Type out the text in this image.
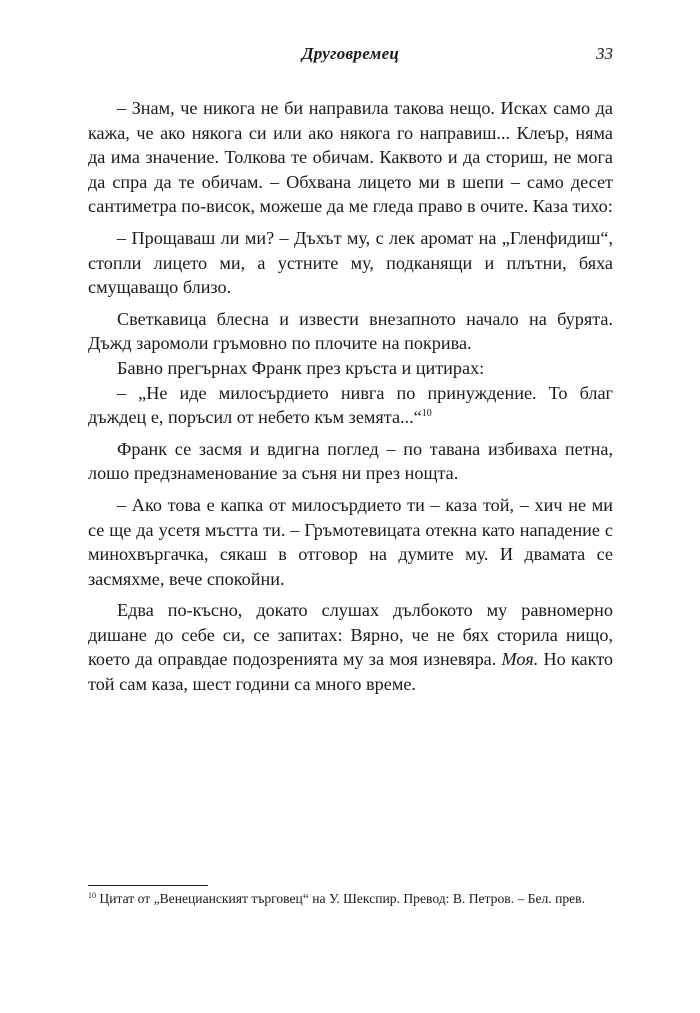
Друговремец	33

– Знам, че никога не би направила такова нещо. Исках само да кажа, че ако някога си или ако някога го направиш... Клеър, няма да има значение. Толкова те обичам. Каквото и да сториш, не мога да спра да те обичам. – Обхвана лицето ми в шепи – само десет сантиметра по-висок, можеше да ме гледа право в очите. Каза тихо:

– Прощаваш ли ми? – Дъхът му, с лек аромат на „Гленфидиш“, стопли лицето ми, а устните му, подканящи и плътни, бяха смущаващо близо.

Светкавица блесна и извести внезапното начало на бурята. Дъжд заромоли гръмовно по плочите на покрива.

Бавно прегърнах Франк през кръста и цитирах:

– „Не иде милосърдието нивга по принуждение. То благ дъждец е, поръсил от небето към земята...“$^{10}$

Франк се засмя и вдигна поглед – по тавана избиваха петна, лошо предзнаменование за съня ни през нощта.

– Ако това е капка от милосърдието ти – каза той, – хич не ми се ще да усетя мъстта ти. – Гръмотевицата отекна като нападение с минохвъргачка, сякаш в отговор на думите му. И двамата се засмяхме, вече спокойни.

Едва по-късно, докато слушах дълбокото му равномерно дишане до себе си, се запитах: Вярно, че не бях сторила нищо, което да оправдае подозренията му за моя изневяра. Моя. Но както той сам каза, шест години са много време.

$^{10}$ Цитат от „Венецианският търговец“ на У. Шекспир. Превод: В. Петров. – Бел. прев.
